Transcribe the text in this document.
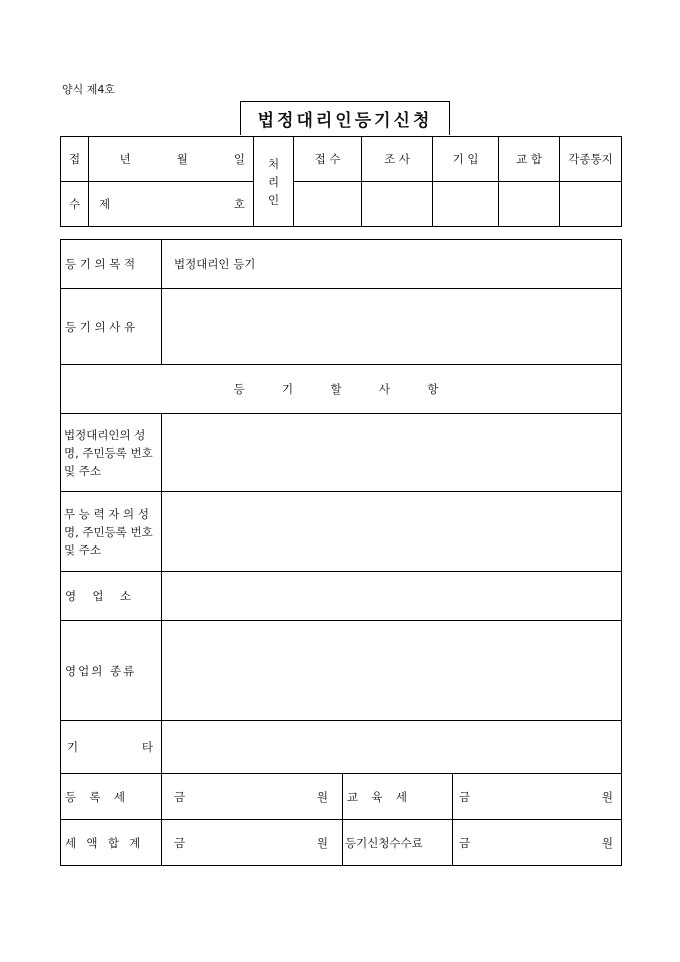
양식 제4호
법정대리인등기신청
접	년 월 일	처 리 인	접 수	조 사	기 입	교 합	각종통지
수	제 호						

등 기 의 목 적	법정대리인 등기		
등 기 의 사 유			
등  기  할  사  항			
법정대리인의 성명, 주민등록 번호 및 주소			
무 능 력 자 의 성명, 주민등록 번호 및 주소			
영  업  소			
영업의 종류			

기 타			

등  록  세	금 원	교  육  세	금 원

세  액  합  계	금 원	등기신청수수료	금 원
